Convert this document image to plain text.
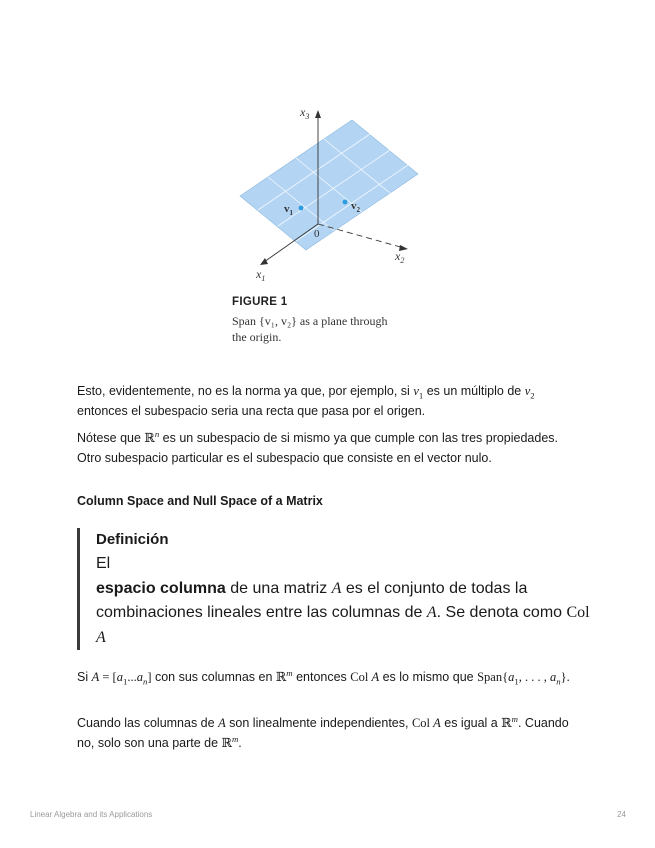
$x_3$
$x_2$
$x_1$
0
$v_1$
$v_2$
FIGURE 1
Span {v₁, v₂} as a plane through
the origin.

Esto, evidentemente, no es la norma ya que, por ejemplo, si $v_1$ es un múltiplo de $v_2$ entonces el subespacio seria una recta que pasa por el origen.

Nótese que ℝ$^n$ es un subespacio de si mismo ya que cumple con las tres propiedades. Otro subespacio particular es el subespacio que consiste en el vector nulo.

Column Space and Null Space of a Matrix
Definición
El
espacio columna de una matriz A es el conjunto de todas la combinaciones lineales entre las columnas de A. Se denota como Col A

Si $A = [a_1...a_n]$ con sus columnas en ℝ$^m$ entonces Col A es lo mismo que $Span\{a_1$, . . . , $a_n$}.

Cuando las columnas de A son linealmente independientes, Col A es igual a ℝ$^m$. Cuando no, solo son una parte de ℝ$^m$.

Linear Algebra and its Applications	24
